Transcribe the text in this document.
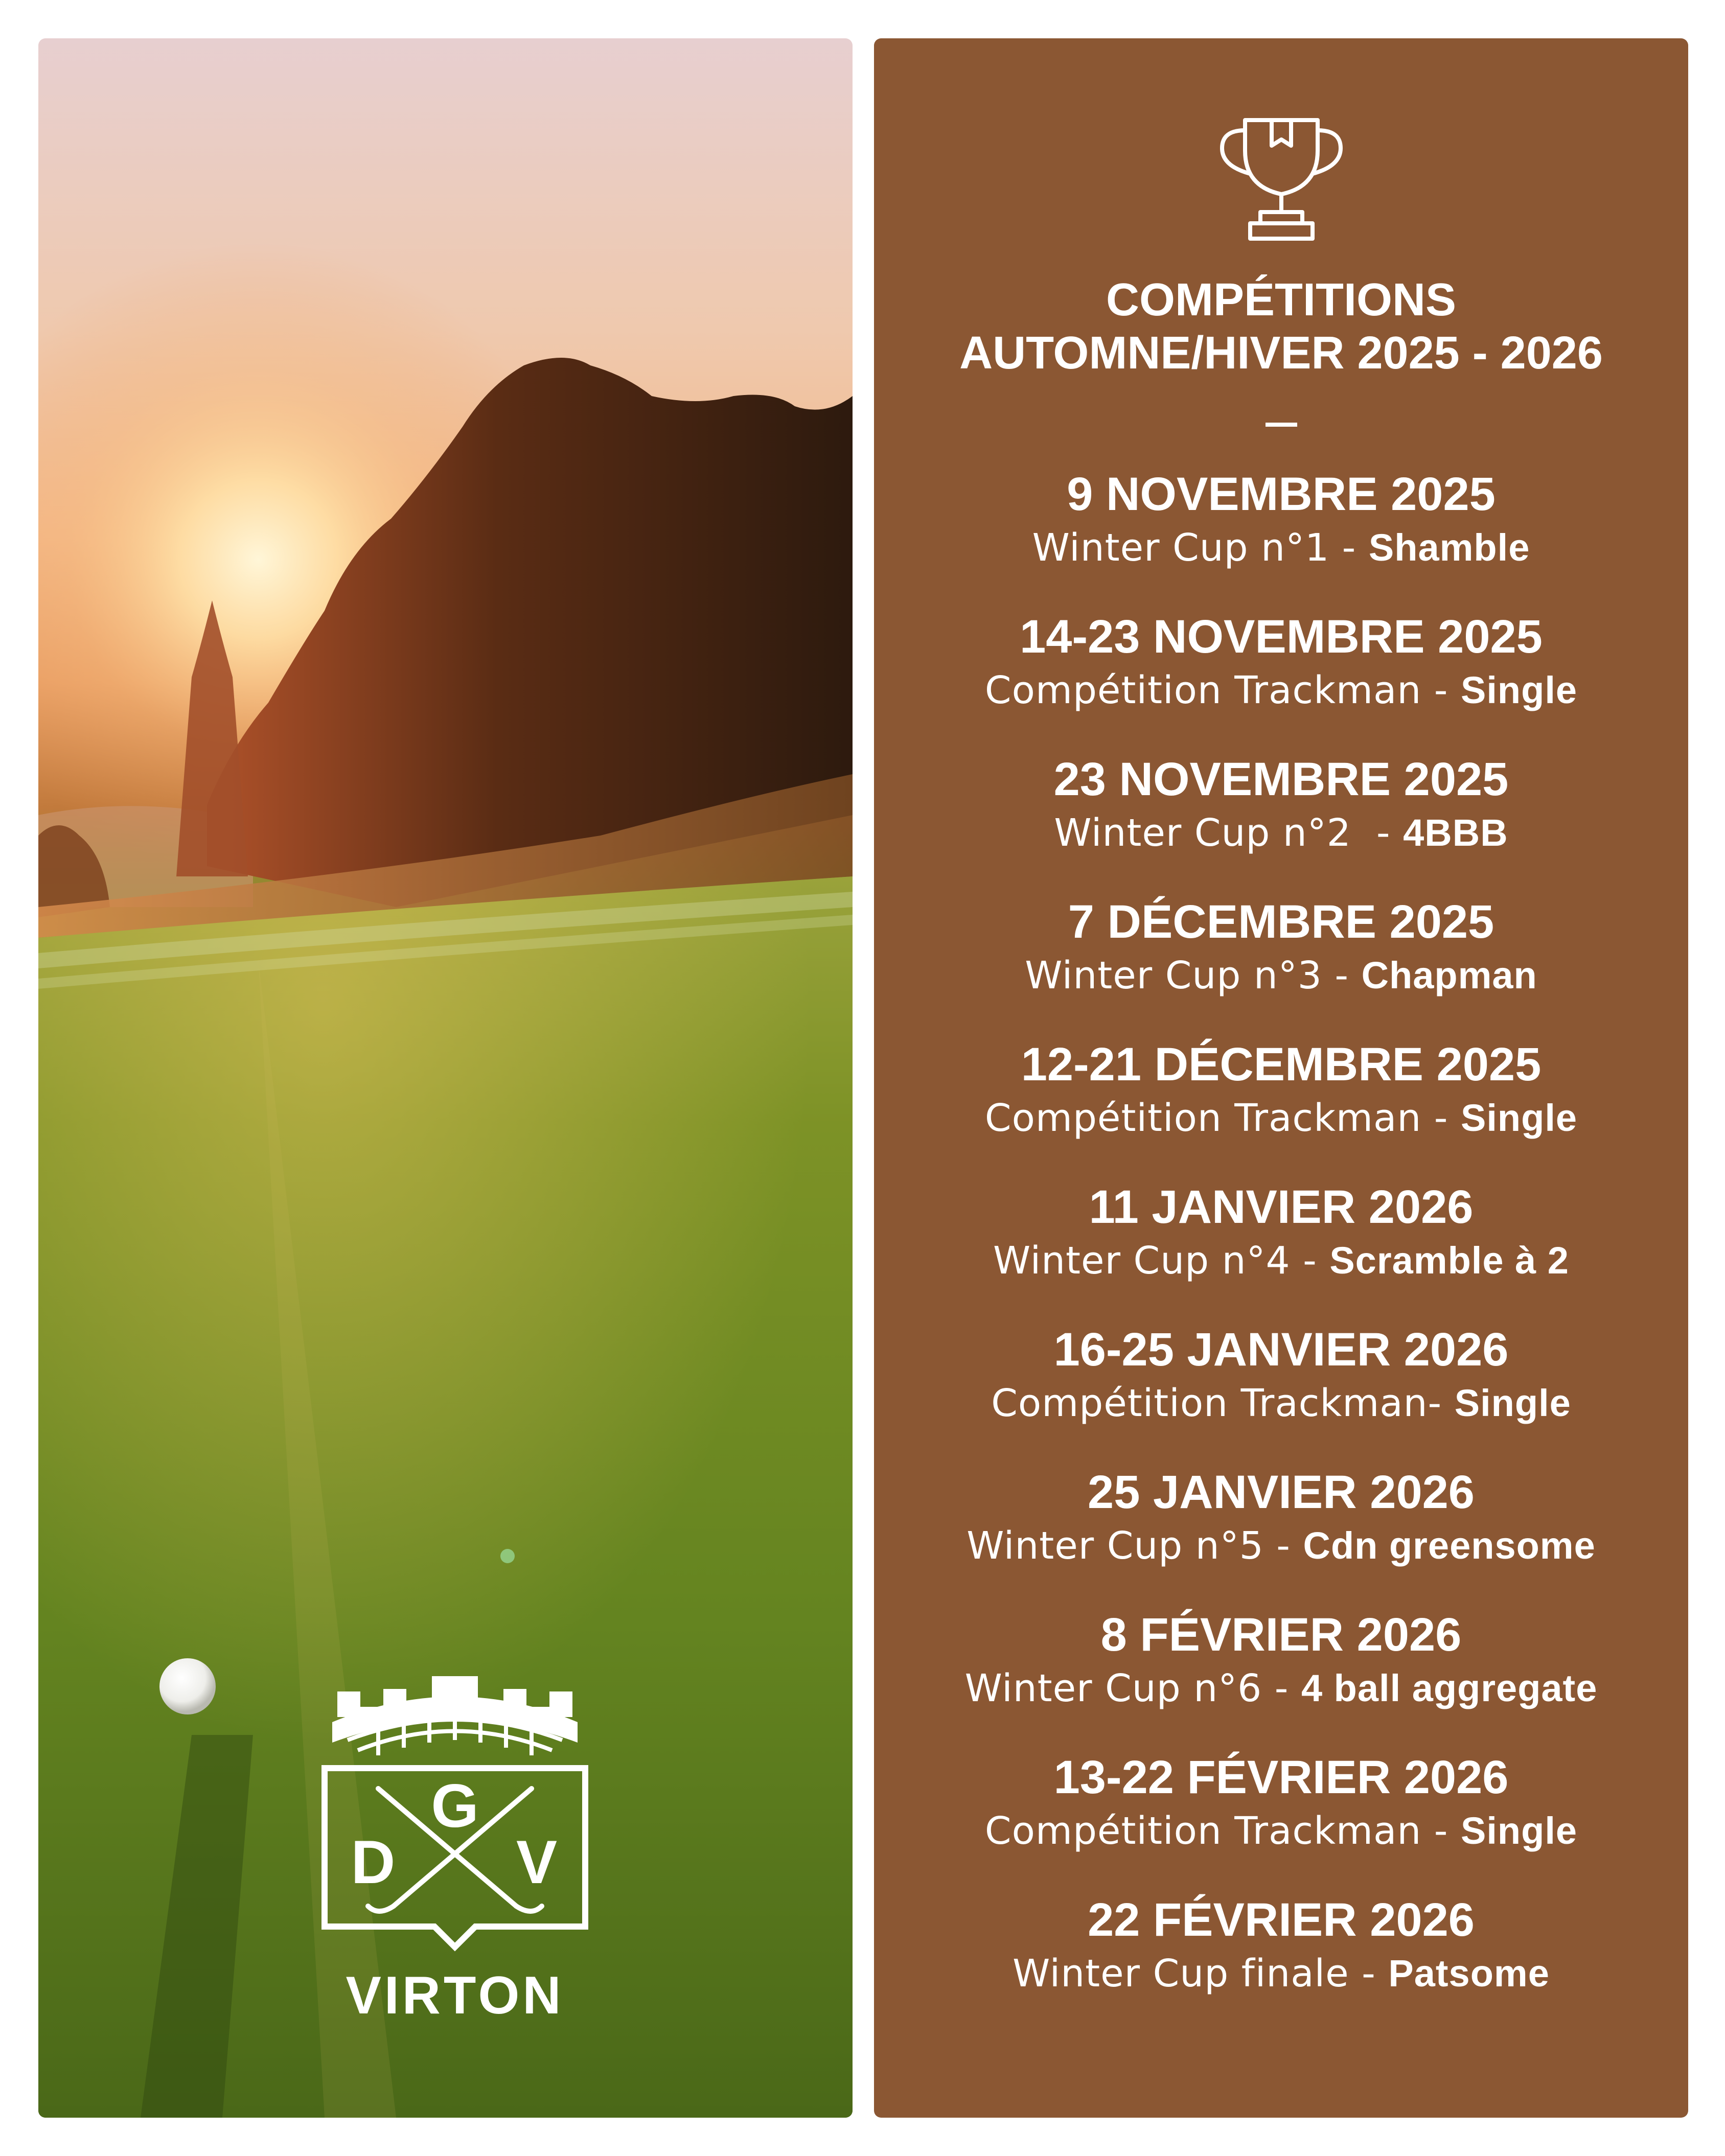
G
D V
VIRTON
COMPÉTITIONS
AUTOMNE/HIVER 2025 - 2026
9 NOVEMBRE 2025
Winter Cup n°1 - Shamble
14-23 NOVEMBRE 2025
Compétition Trackman - Single
23 NOVEMBRE 2025
Winter Cup n°2  - 4BBB
7 DÉCEMBRE 2025
Winter Cup n°3 - Chapman
12-21 DÉCEMBRE 2025
Compétition Trackman - Single
11 JANVIER 2026
Winter Cup n°4 - Scramble à 2
16-25 JANVIER 2026
Compétition Trackman- Single
25 JANVIER 2026
Winter Cup n°5 - Cdn greensome
8 FÉVRIER 2026
Winter Cup n°6 - 4 ball aggregate
13-22 FÉVRIER 2026
Compétition Trackman - Single
22 FÉVRIER 2026
Winter Cup finale - Patsome
